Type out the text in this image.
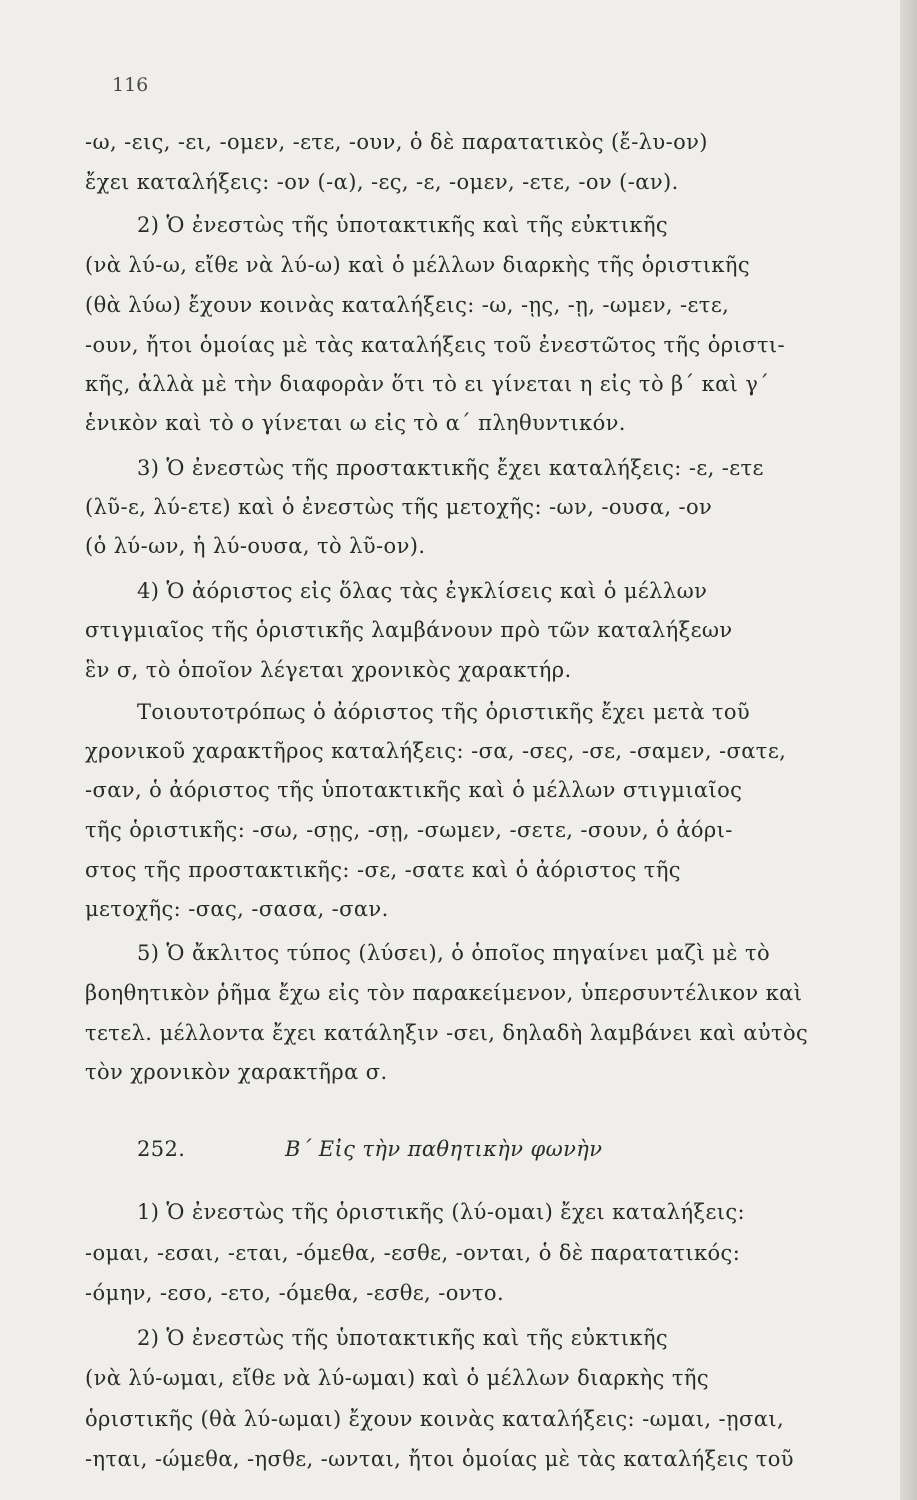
116
-ω, -εις, -ει, -ομεν, -ετε, -ουν, ὁ δὲ παρατατικὸς (ἔ-λυ-ον)
ἔχει καταλήξεις: -ον (-α), -ες, -ε, -ομεν, -ετε, -ον (-αν).
2) Ὁ ἐνεστὼς τῆς ὑποτακτικῆς καὶ τῆς εὐκτικῆς
(νὰ λύ-ω, εἴθε νὰ λύ-ω) καὶ ὁ μέλλων διαρκὴς τῆς ὁριστικῆς
(θὰ λύω) ἔχουν κοινὰς καταλήξεις: -ω, -ῃς, -ῃ, -ωμεν, -ετε,
-ουν, ἤτοι ὁμοίας μὲ τὰς καταλήξεις τοῦ ἐνεστῶτος τῆς ὁριστι-
κῆς, ἀλλὰ μὲ τὴν διαφορὰν ὅτι τὸ ει γίνεται η εἰς τὸ β΄ καὶ γ΄
ἑνικὸν καὶ τὸ ο γίνεται ω εἰς τὸ α΄ πληθυντικόν.
3) Ὁ ἐνεστὼς τῆς προστακτικῆς ἔχει καταλήξεις: -ε, -ετε
(λῦ-ε, λύ-ετε) καὶ ὁ ἐνεστὼς τῆς μετοχῆς: -ων, -ουσα, -ον
(ὁ λύ-ων, ἡ λύ-ουσα, τὸ λῦ-ον).
4) Ὁ ἀόριστος εἰς ὅλας τὰς ἐγκλίσεις καὶ ὁ μέλλων
στιγμιαῖος τῆς ὁριστικῆς λαμβάνουν πρὸ τῶν καταλήξεων
ἓν σ, τὸ ὁποῖον λέγεται χρονικὸς χαρακτήρ.
Τοιουτοτρόπως ὁ ἀόριστος τῆς ὁριστικῆς ἔχει μετὰ τοῦ
χρονικοῦ χαρακτῆρος καταλήξεις: -σα, -σες, -σε, -σαμεν, -σατε,
-σαν, ὁ ἀόριστος τῆς ὑποτακτικῆς καὶ ὁ μέλλων στιγμιαῖος
τῆς ὁριστικῆς: -σω, -σῃς, -σῃ, -σωμεν, -σετε, -σουν, ὁ ἀόρι-
στος τῆς προστακτικῆς: -σε, -σατε καὶ ὁ ἀόριστος τῆς
μετοχῆς: -σας, -σασα, -σαν.
5) Ὁ ἄκλιτος τύπος (λύσει), ὁ ὁποῖος πηγαίνει μαζὶ μὲ τὸ
βοηθητικὸν ῥῆμα ἔχω εἰς τὸν παρακείμενον, ὑπερσυντέλικον καὶ
τετελ. μέλλοντα ἔχει κατάληξιν -σει, δηλαδὴ λαμβάνει καὶ αὐτὸς
τὸν χρονικὸν χαρακτῆρα σ.
252.	Β΄ Εἰς τὴν παθητικὴν φωνὴν
1) Ὁ ἐνεστὼς τῆς ὁριστικῆς (λύ-ομαι) ἔχει καταλήξεις:
-ομαι, -εσαι, -εται, -όμεθα, -εσθε, -ονται, ὁ δὲ παρατατικός:
-όμην, -εσο, -ετο, -όμεθα, -εσθε, -οντο.
2) Ὁ ἐνεστὼς τῆς ὑποτακτικῆς καὶ τῆς εὐκτικῆς
(νὰ λύ-ωμαι, εἴθε νὰ λύ-ωμαι) καὶ ὁ μέλλων διαρκὴς τῆς
ὁριστικῆς (θὰ λύ-ωμαι) ἔχουν κοινὰς καταλήξεις: -ωμαι, -ῃσαι,
-ηται, -ώμεθα, -ησθε, -ωνται, ἤτοι ὁμοίας μὲ τὰς καταλήξεις τοῦ
